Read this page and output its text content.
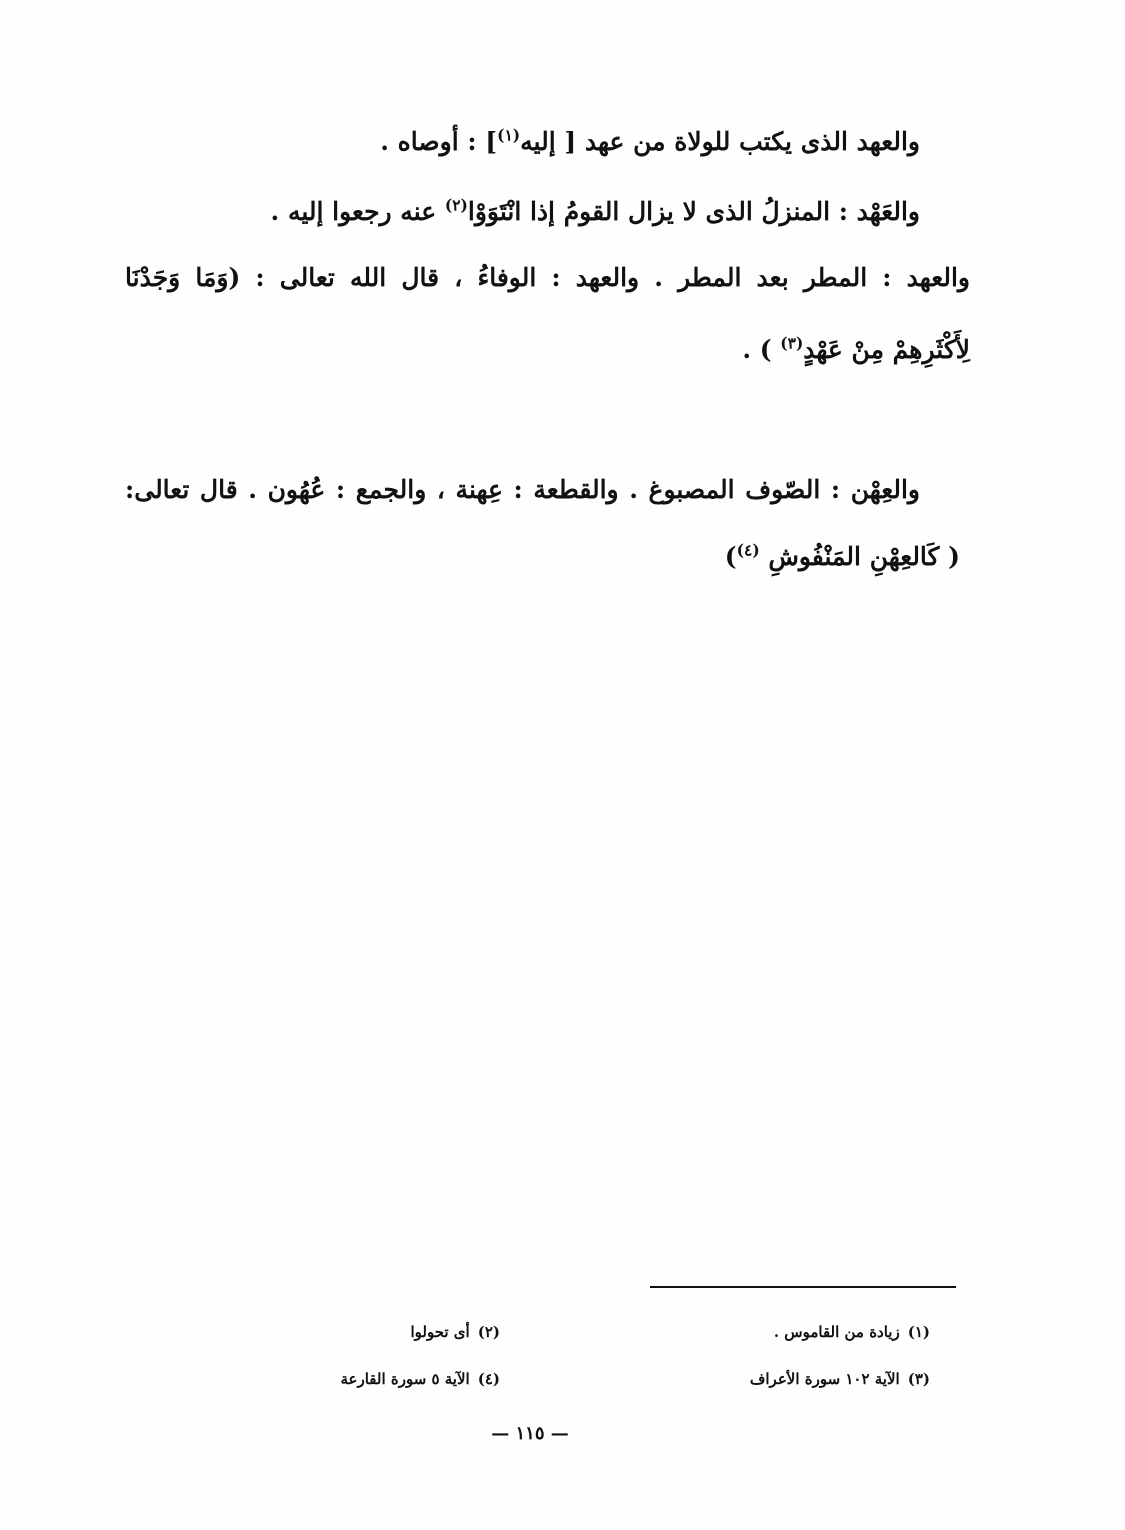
والعهد الذى يكتب للولاة من عهد [ إليه$^{(١)}$] : أوصاه .
والعَهْد : المنزلُ الذى لا يزال القومُ إذا انْتَوَوْا$^{(٢)}$ عنه رجعوا إليه .
والعهد : المطر بعد المطر . والعهد : الوفاءُ ، قال الله تعالى : (وَمَا وَجَدْنَا
لِأَكْثَرِهِمْ مِنْ عَهْدٍ$^{(٣)}$ ) .
والعِهْن : الصّوف المصبوغ . والقطعة : عِهنة ، والجمع : عُهُون . قال تعالى:
( كَالعِهْنِ المَنْفُوشِ $^{(٤)}$)
(١)زيادة من القاموس .
(٢)أى تحولوا
(٣)الآية ١٠٢ سورة الأعراف
(٤)الآية ٥ سورة القارعة
— ١١٥ —
